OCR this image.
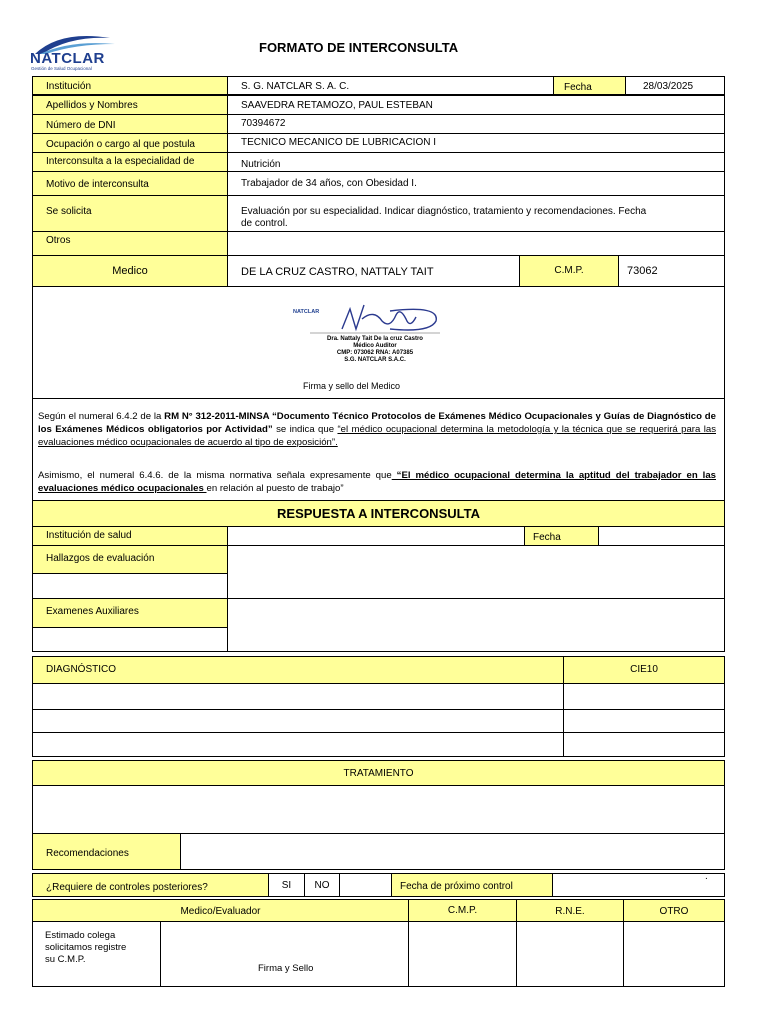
NATCLAR
Gestión de Salud Ocupacional
FORMATO DE INTERCONSULTA
Institución	S. G. NATCLAR S. A. C.	Fecha	28/03/2025
Apellidos y Nombres	SAAVEDRA RETAMOZO, PAUL ESTEBAN
Número de DNI	70394672
Ocupación o cargo al que postula	TECNICO MECANICO DE LUBRICACION I
Interconsulta a la especialidad de	Nutrición
Motivo de interconsulta	Trabajador de 34 años, con Obesidad I.
Se solicita	Evaluación por su especialidad. Indicar diagnóstico, tratamiento y recomendaciones. Fecha
de control.
Otros
Medico	DE LA CRUZ CASTRO, NATTALY TAIT	C.M.P.	73062
NATCLAR
Dra. Nattaly Tait De la cruz Castro
Médico Auditor
CMP: 073062 RNA: A07385
S.G. NATCLAR S.A.C.
Firma y sello del Medico
Según el numeral 6.4.2 de la RM N° 312-2011-MINSA “Documento Técnico Protocolos de Exámenes Médico Ocupacionales y Guías de Diagnóstico de los Exámenes Médicos obligatorios por Actividad” se indica que “el médico ocupacional determina la metodología y la técnica que se requerirá para las evaluaciones médico ocupacionales de acuerdo al tipo de exposición”.
Asimismo, el numeral 6.4.6. de la misma normativa señala expresamente que “El médico ocupacional determina la aptitud del trabajador en las evaluaciones médico ocupacionales en relación al puesto de trabajo”
RESPUESTA A INTERCONSULTA
Institución de salud	Fecha
Hallazgos de evaluación
Examenes Auxiliares
DIAGNÓSTICO	CIE10
TRATAMIENTO
Recomendaciones
¿Requiere de controles posteriores?	SI	NO	Fecha de próximo control
.
Medico/Evaluador	C.M.P.	R.N.E.	OTRO
Estimado colega
solicitamos registre
su C.M.P.
Firma y Sello
